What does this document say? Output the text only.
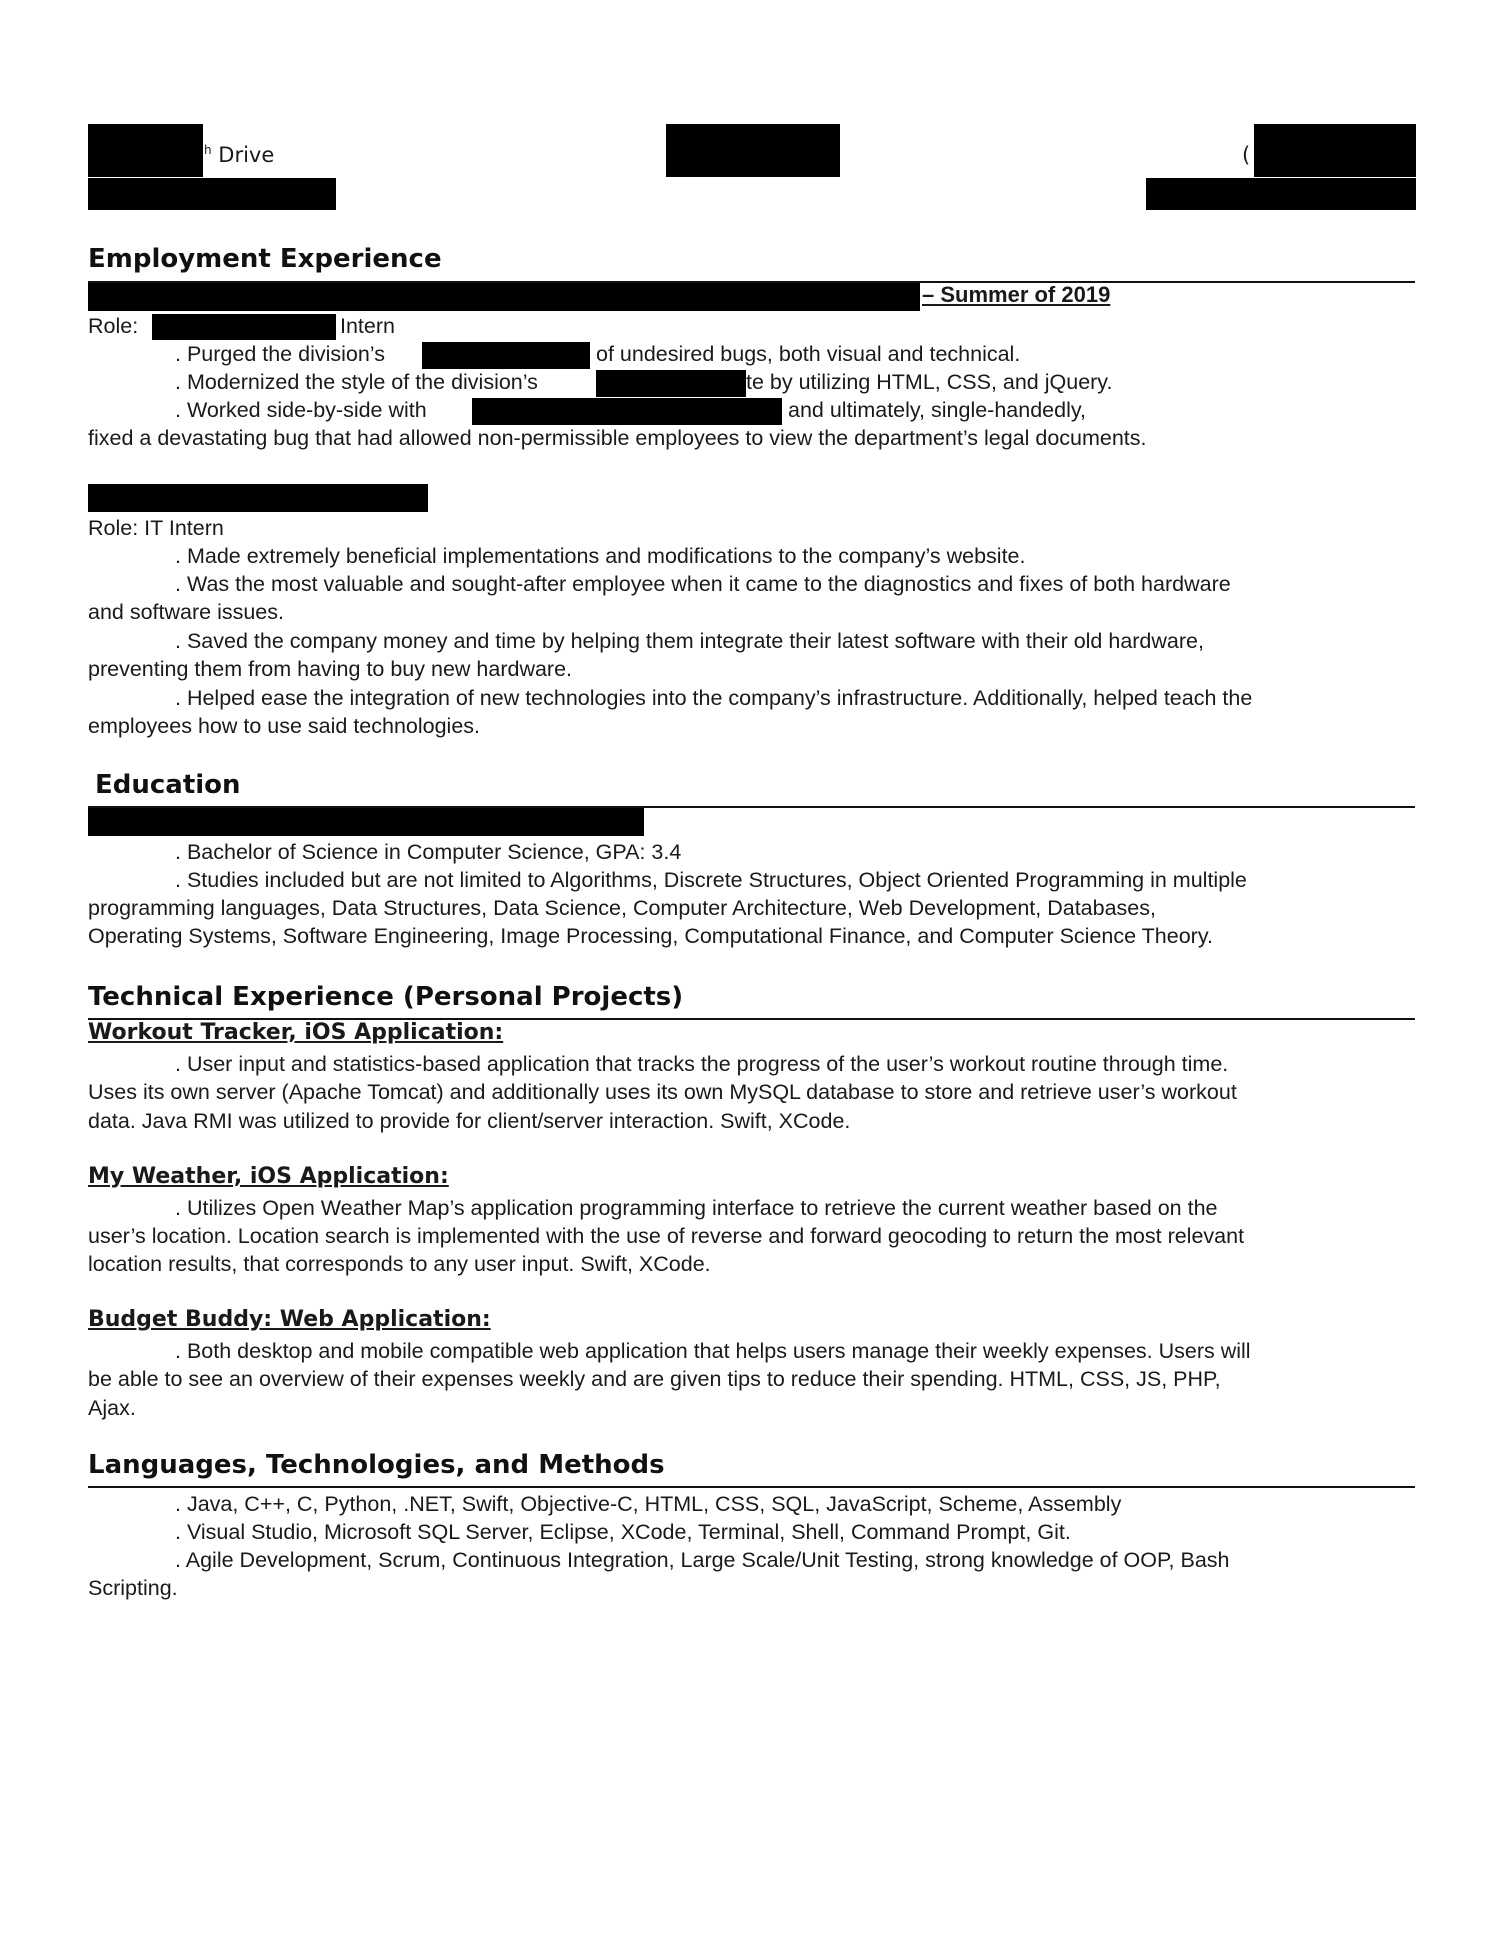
$^h$ Drive	(
Employment Experience
– Summer of 2019
Role:	Intern
. Purged the division’s	of undesired bugs, both visual and technical.
. Modernized the style of the division’s	te by utilizing HTML, CSS, and jQuery.
. Worked side-by-side with	and ultimately, single-handedly,
fixed a devastating bug that had allowed non-permissible employees to view the department’s legal documents.
Role: IT Intern
. Made extremely beneficial implementations and modifications to the company’s website.
. Was the most valuable and sought-after employee when it came to the diagnostics and fixes of both hardware
and software issues.
. Saved the company money and time by helping them integrate their latest software with their old hardware,
preventing them from having to buy new hardware.
. Helped ease the integration of new technologies into the company’s infrastructure. Additionally, helped teach the
employees how to use said technologies.
Education
. Bachelor of Science in Computer Science, GPA: 3.4
. Studies included but are not limited to Algorithms, Discrete Structures, Object Oriented Programming in multiple
programming languages, Data Structures, Data Science, Computer Architecture, Web Development, Databases,
Operating Systems, Software Engineering, Image Processing, Computational Finance, and Computer Science Theory.
Technical Experience (Personal Projects)
Workout Tracker, iOS Application:
. User input and statistics-based application that tracks the progress of the user’s workout routine through time.
Uses its own server (Apache Tomcat) and additionally uses its own MySQL database to store and retrieve user’s workout
data. Java RMI was utilized to provide for client/server interaction. Swift, XCode.
My Weather, iOS Application:
. Utilizes Open Weather Map’s application programming interface to retrieve the current weather based on the
user’s location. Location search is implemented with the use of reverse and forward geocoding to return the most relevant
location results, that corresponds to any user input. Swift, XCode.
Budget Buddy: Web Application:
. Both desktop and mobile compatible web application that helps users manage their weekly expenses. Users will
be able to see an overview of their expenses weekly and are given tips to reduce their spending. HTML, CSS, JS, PHP,
Ajax.
Languages, Technologies, and Methods
. Java, C++, C, Python, .NET, Swift, Objective-C, HTML, CSS, SQL, JavaScript, Scheme, Assembly
. Visual Studio, Microsoft SQL Server, Eclipse, XCode, Terminal, Shell, Command Prompt, Git.
. Agile Development, Scrum, Continuous Integration, Large Scale/Unit Testing, strong knowledge of OOP, Bash
Scripting.
